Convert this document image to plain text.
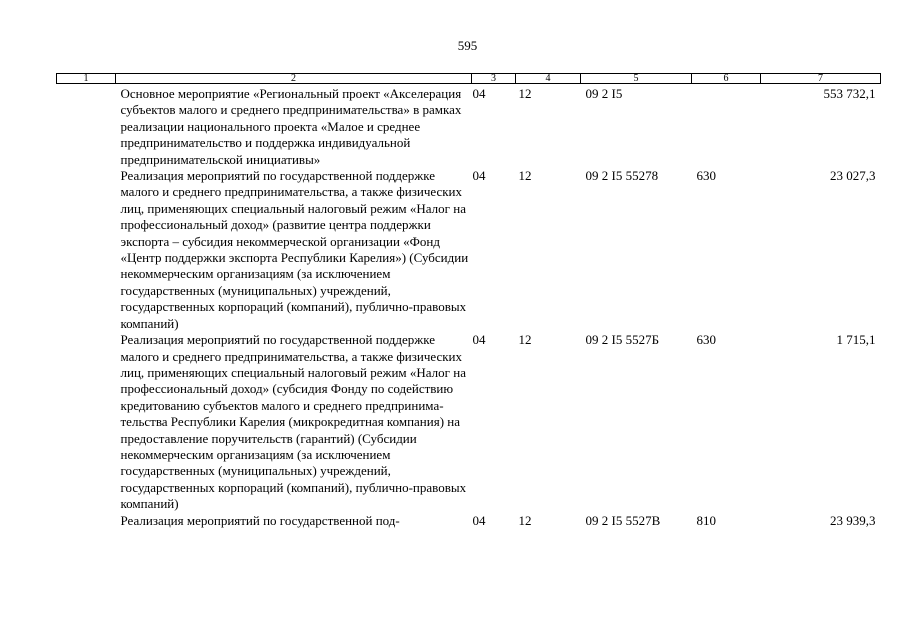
595
1	2	3	4	5	6	7
	Основное мероприятие «Региональный проект «Акселерация субъектов малого и среднего предпринимательства» в рамках реализации национального проекта «Малое и среднее предпринимательство и поддержка индивидуальной предпринимательской инициативы»	04	12	09 2 I5		553 732,1
	Реализация мероприятий по государственной поддержке малого и среднего предпринимательства, а также физических лиц, применяющих специальный налоговый режим «Налог на профессиональный доход» (развитие центра поддержки экспорта – субсидия некоммерческой организации «Фонд «Центр поддержки экспорта Республики Карелия») (Субсидии некоммерческим организациям (за исключением государственных (муниципальных) учреждений, государственных корпораций (компаний), публично-правовых компаний)	04	12	09 2 I5 55278	630	23 027,3
	Реализация мероприятий по государственной поддержке малого и среднего предпринимательства, а также физических лиц, применяющих специальный налоговый режим «Налог на профессиональный доход» (субсидия Фонду по содействию кредитованию субъектов малого и среднего предпринимательства Республики Карелия (микрокредитная компания) на предоставление поручительств (гарантий) (Субсидии некоммерческим организациям (за исключением государственных (муниципальных) учреждений, государственных корпораций (компаний), публично-правовых компаний)	04	12	09 2 I5 5527Б	630	1 715,1
	Реализация мероприятий по государственной под-	04	12	09 2 I5 5527В	810	23 939,3
